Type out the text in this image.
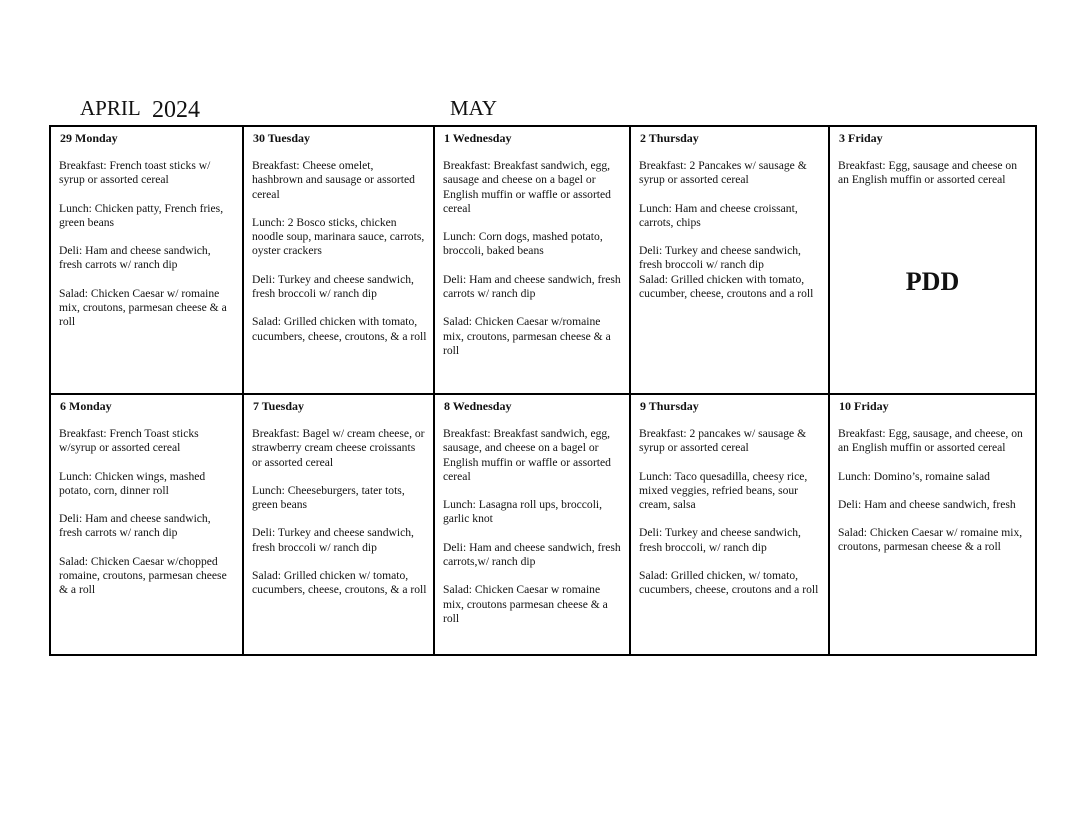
APRIL 2024	MAY
29 Monday

Breakfast: French toast sticks w/ syrup or assorted cereal

Lunch: Chicken patty, French fries, green beans

Deli: Ham and cheese sandwich, fresh carrots w/ ranch dip

Salad: Chicken Caesar w/ romaine mix, croutons, parmesan cheese & a roll

30 Tuesday

Breakfast: Cheese omelet, hashbrown and sausage or assorted cereal

Lunch: 2 Bosco sticks, chicken noodle soup, marinara sauce, carrots, oyster crackers

Deli: Turkey and cheese sandwich, fresh broccoli w/ ranch dip

Salad: Grilled chicken with tomato, cucumbers, cheese, croutons, & a roll

1 Wednesday

Breakfast: Breakfast sandwich, egg, sausage and cheese on a bagel or English muffin or waffle or assorted cereal

Lunch: Corn dogs, mashed potato, broccoli, baked beans

Deli: Ham and cheese sandwich, fresh carrots w/ ranch dip

Salad: Chicken Caesar w/romaine mix, croutons, parmesan cheese & a roll

2 Thursday

Breakfast: 2 Pancakes w/ sausage & syrup or assorted cereal

Lunch: Ham and cheese croissant, carrots, chips

Deli: Turkey and cheese sandwich, fresh broccoli w/ ranch dip

Salad: Grilled chicken with tomato, cucumber, cheese, croutons and a roll

3 Friday

Breakfast: Egg, sausage and cheese on an English muffin or assorted cereal

PDD
6 Monday

Breakfast: French Toast sticks w/syrup or assorted cereal

Lunch: Chicken wings, mashed potato, corn, dinner roll

Deli: Ham and cheese sandwich, fresh carrots w/ ranch dip

Salad: Chicken Caesar w/chopped romaine, croutons, parmesan cheese & a roll

7 Tuesday

Breakfast: Bagel w/ cream cheese, or strawberry cream cheese croissants or assorted cereal

Lunch: Cheeseburgers, tater tots, green beans

Deli: Turkey and cheese sandwich, fresh broccoli w/ ranch dip

Salad: Grilled chicken w/ tomato, cucumbers, cheese, croutons, & a roll

8 Wednesday

Breakfast: Breakfast sandwich, egg, sausage, and cheese on a bagel or English muffin or waffle or assorted cereal

Lunch: Lasagna roll ups, broccoli, garlic knot

Deli: Ham and cheese sandwich, fresh carrots,w/ ranch dip

Salad: Chicken Caesar w romaine mix, croutons parmesan cheese & a roll

9 Thursday

Breakfast: 2 pancakes w/ sausage & syrup or assorted cereal

Lunch: Taco quesadilla, cheesy rice, mixed veggies, refried beans, sour cream, salsa

Deli: Turkey and cheese sandwich, fresh broccoli, w/ ranch dip

Salad: Grilled chicken, w/ tomato, cucumbers, cheese, croutons and a roll

10 Friday

Breakfast: Egg, sausage, and cheese, on an English muffin or assorted cereal

Lunch: Domino’s, romaine salad

Deli: Ham and cheese sandwich, fresh

Salad: Chicken Caesar w/ romaine mix, croutons, parmesan cheese & a roll
